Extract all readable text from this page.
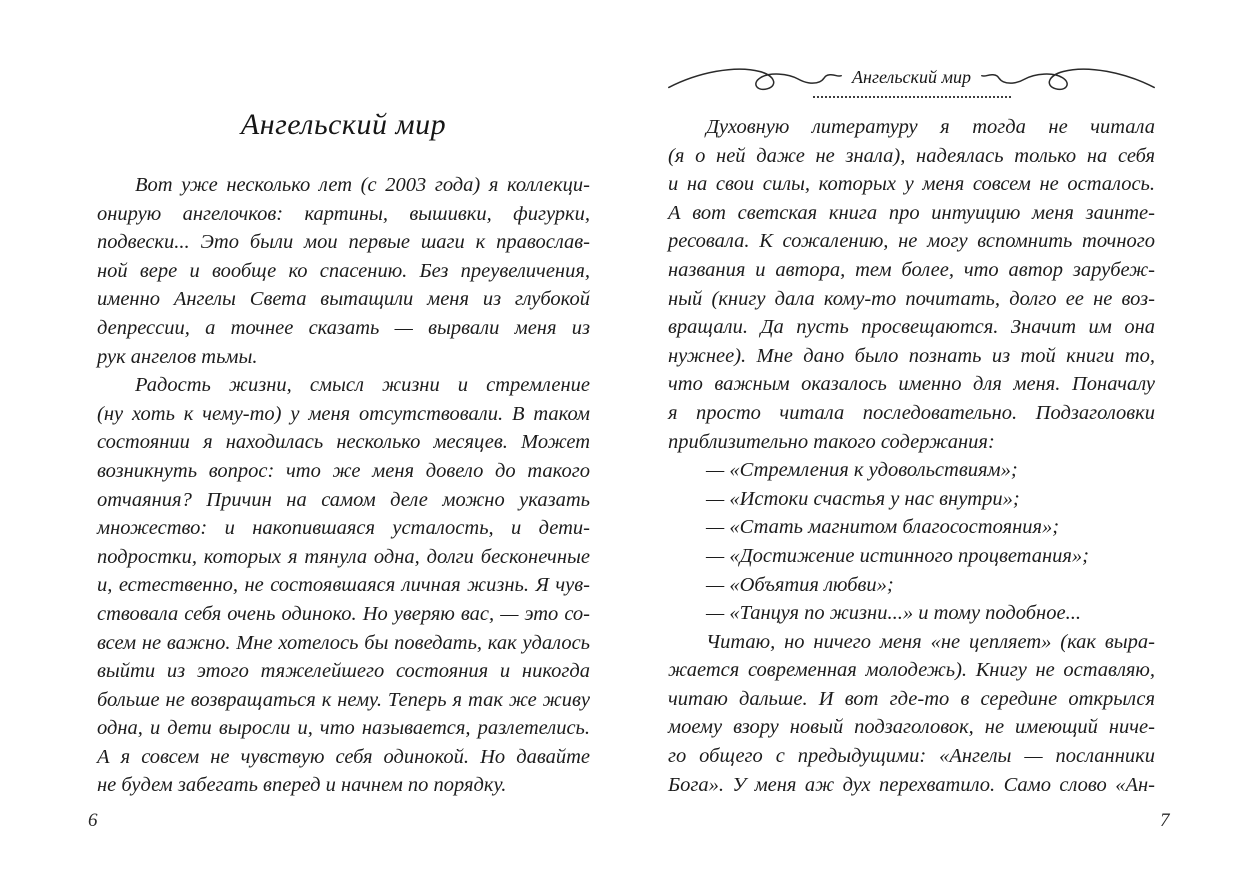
Ангельский мир
Вот уже несколько лет (с 2003 года) я коллекци-
онирую ангелочков: картины, вышивки, фигурки,
подвески... Это были мои первые шаги к православ-
ной вере и вообще ко спасению. Без преувеличения,
именно Ангелы Света вытащили меня из глубокой
депрессии, а точнее сказать — вырвали меня из
рук ангелов тьмы.
Радость жизни, смысл жизни и стремление
(ну хоть к чему-то) у меня отсутствовали. В таком
состоянии я находилась несколько месяцев. Может
возникнуть вопрос: что же меня довело до такого
отчаяния? Причин на самом деле можно указать
множество: и накопившаяся усталость, и дети-
подростки, которых я тянула одна, долги бесконечные
и, естественно, не состоявшаяся личная жизнь. Я чув-
ствовала себя очень одиноко. Но уверяю вас, — это со-
всем не важно. Мне хотелось бы поведать, как удалось
выйти из этого тяжелейшего состояния и никогда
больше не возвращаться к нему. Теперь я так же живу
одна, и дети выросли и, что называется, разлетелись.
А я совсем не чувствую себя одинокой. Но давайте
не будем забегать вперед и начнем по порядку.
Ангельский мир
Духовную литературу я тогда не читала
(я о ней даже не знала), надеялась только на себя
и на свои силы, которых у меня совсем не осталось.
А вот светская книга про интуицию меня заинте-
ресовала. К сожалению, не могу вспомнить точного
названия и автора, тем более, что автор зарубеж-
ный (книгу дала кому-то почитать, долго ее не воз-
вращали. Да пусть просвещаются. Значит им она
нужнее). Мне дано было познать из той книги то,
что важным оказалось именно для меня. Поначалу
я просто читала последовательно. Подзаголовки
приблизительно такого содержания:
— «Стремления к удовольствиям»;
— «Истоки счастья у нас внутри»;
— «Стать магнитом благосостояния»;
— «Достижение истинного процветания»;
— «Объятия любви»;
— «Танцуя по жизни...» и тому подобное...
Читаю, но ничего меня «не цепляет» (как выра-
жается современная молодежь). Книгу не оставляю,
читаю дальше. И вот где-то в середине открылся
моему взору новый подзаголовок, не имеющий ниче-
го общего с предыдущими: «Ангелы — посланники
Бога». У меня аж дух перехватило. Само слово «Ан-
6	7
